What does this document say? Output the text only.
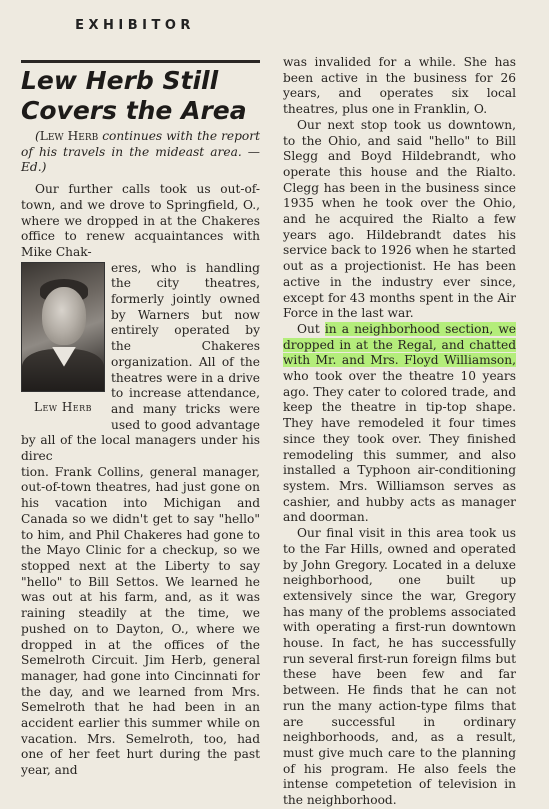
EXHIBITOR
Lew Herb Still
Covers the Area

(Lew Herb continues with the report of his travels in the mideast area. —Ed.)

Our further calls took us out-of-town, and we drove to Springfield, O., where we dropped in at the Chakeres office to renew acquaintances with Mike Chak-

Lew Herb

eres, who is handling the city theatres, formerly jointly owned by Warners but now entirely operated by the Chakeres organization. All of the theatres were in a drive to increase attendance, and many tricks were used to good advantage by all of the local managers under his direc

tion. Frank Collins, general manager, out-of-town theatres, had just gone on his vacation into Michigan and Canada so we didn't get to say "hello" to him, and Phil Chakeres had gone to the Mayo Clinic for a checkup, so we stopped next at the Liberty to say "hello" to Bill Settos. We learned he was out at his farm, and, as it was raining steadily at the time, we pushed on to Dayton, O., where we dropped in at the offices of the Semelroth Circuit. Jim Herb, general manager, had gone into Cincinnati for the day, and we learned from Mrs. Semelroth that he had been in an accident earlier this summer while on vacation. Mrs. Semelroth, too, had one of her feet hurt during the past year, and

was invalided for a while. She has been active in the business for 26 years, and operates six local theatres, plus one in Franklin, O.

Our next stop took us downtown, to the Ohio, and said "hello" to Bill Slegg and Boyd Hildebrandt, who operate this house and the Rialto. Clegg has been in the business since 1935 when he took over the Ohio, and he acquired the Rialto a few years ago. Hildebrandt dates his service back to 1926 when he started out as a projectionist. He has been active in the industry ever since, except for 43 months spent in the Air Force in the last war.

Out in a neighborhood section, we dropped in at the Regal, and chatted with Mr. and Mrs. Floyd Williamson, who took over the theatre 10 years ago. They cater to colored trade, and keep the theatre in tip-top shape. They have remodeled it four times since they took over. They finished remodeling this summer, and also installed a Typhoon air-conditioning system. Mrs. Williamson serves as cashier, and hubby acts as manager and doorman.

Our final visit in this area took us to the Far Hills, owned and operated by John Gregory. Located in a deluxe neighborhood, one built up extensively since the war, Gregory has many of the problems associated with operating a first-run downtown house. In fact, he has successfully run several first-run foreign films but these have been few and far between. He finds that he can not run the many action-type films that are successful in ordinary neighborhoods, and, as a result, must give much care to the planning of his program. He also feels the intense competetion of television in the neighborhood.
